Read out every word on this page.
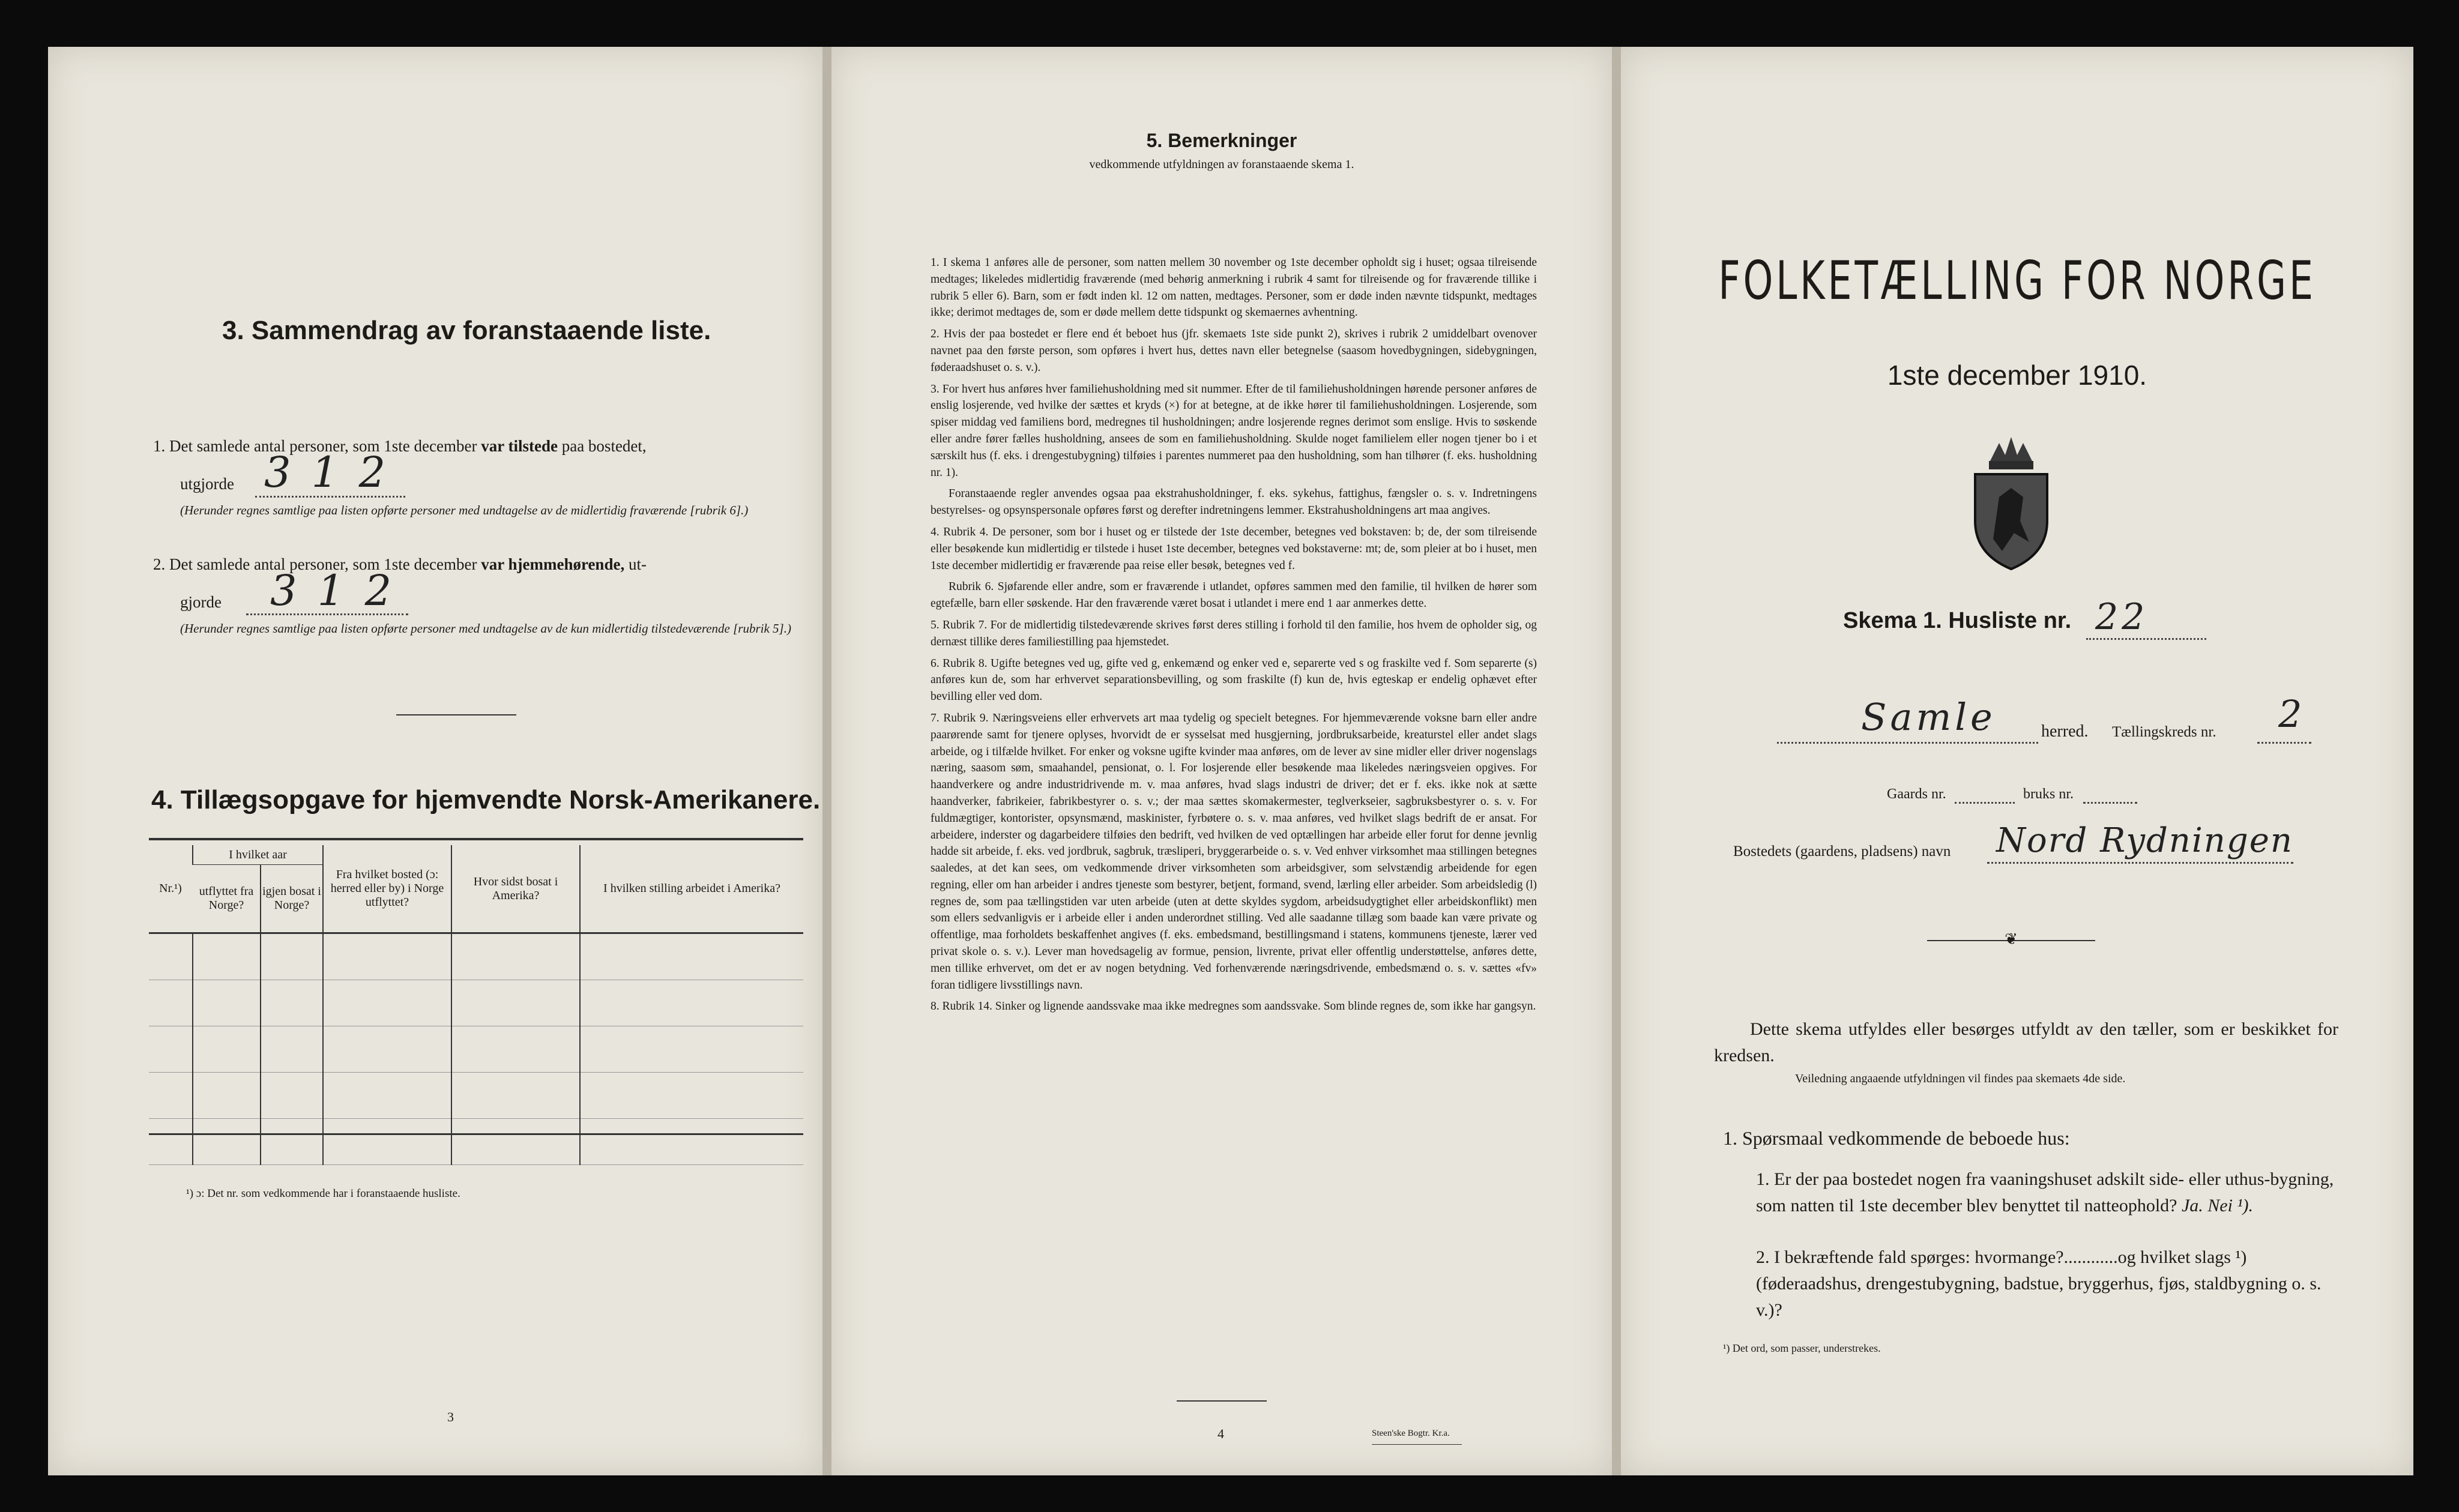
3. Sammendrag av foranstaaende liste.
1. Det samlede antal personer, som 1ste december var tilstede paa bostedet,
utgjorde 3 1 2
(Herunder regnes samtlige paa listen opførte personer med undtagelse av de midlertidig fraværende [rubrik 6].)
2. Det samlede antal personer, som 1ste december var hjemmehørende, ut-
gjorde 3 1 2
(Herunder regnes samtlige paa listen opførte personer med undtagelse av de kun midlertidig tilstedeværende [rubrik 5].)
4. Tillægsopgave for hjemvendte Norsk-Amerikanere.
Nr.¹)	I hvilket aar		Fra hvilket bosted (ɔ: herred eller by) i Norge utflyttet?	Hvor sidst bosat i Amerika?	I hvilken stilling arbeidet i Amerika?
	utflyttet fra Norge?	igjen bosat i Norge?			

¹) ɔ: Det nr. som vedkommende har i foranstaaende husliste.
3
5. Bemerkninger
vedkommende utfyldningen av foranstaaende skema 1.

1. I skema 1 anføres alle de personer, som natten mellem 30 november og 1ste december opholdt sig i huset; ogsaa tilreisende medtages; likeledes midlertidig fraværende (med behørig anmerkning i rubrik 4 samt for tilreisende og for fraværende tillike i rubrik 5 eller 6). Barn, som er født inden kl. 12 om natten, medtages. Personer, som er døde inden nævnte tidspunkt, medtages ikke; derimot medtages de, som er døde mellem dette tidspunkt og skemaernes avhentning.

2. Hvis der paa bostedet er flere end ét beboet hus (jfr. skemaets 1ste side punkt 2), skrives i rubrik 2 umiddelbart ovenover navnet paa den første person, som opføres i hvert hus, dettes navn eller betegnelse (saasom hovedbygningen, sidebygningen, føderaadshuset o. s. v.).

3. For hvert hus anføres hver familiehusholdning med sit nummer. Efter de til familiehusholdningen hørende personer anføres de enslig losjerende, ved hvilke der sættes et kryds (×) for at betegne, at de ikke hører til familiehusholdningen. Losjerende, som spiser middag ved familiens bord, medregnes til husholdningen; andre losjerende regnes derimot som enslige. Hvis to søskende eller andre fører fælles husholdning, ansees de som en familiehusholdning. Skulde noget familielem eller nogen tjener bo i et særskilt hus (f. eks. i drengestubygning) tilføies i parentes nummeret paa den husholdning, som han tilhører (f. eks. husholdning nr. 1).

Foranstaaende regler anvendes ogsaa paa ekstrahusholdninger, f. eks. sykehus, fattighus, fængsler o. s. v. Indretningens bestyrelses- og opsynspersonale opføres først og derefter indretningens lemmer. Ekstrahusholdningens art maa angives.

4. Rubrik 4. De personer, som bor i huset og er tilstede der 1ste december, betegnes ved bokstaven: b; de, der som tilreisende eller besøkende kun midlertidig er tilstede i huset 1ste december, betegnes ved bokstaverne: mt; de, som pleier at bo i huset, men 1ste december midlertidig er fraværende paa reise eller besøk, betegnes ved f.

Rubrik 6. Sjøfarende eller andre, som er fraværende i utlandet, opføres sammen med den familie, til hvilken de hører som egtefælle, barn eller søskende. Har den fraværende været bosat i utlandet i mere end 1 aar anmerkes dette.

5. Rubrik 7. For de midlertidig tilstedeværende skrives først deres stilling i forhold til den familie, hos hvem de opholder sig, og dernæst tillike deres familiestilling paa hjemstedet.

6. Rubrik 8. Ugifte betegnes ved ug, gifte ved g, enkemænd og enker ved e, separerte ved s og fraskilte ved f. Som separerte (s) anføres kun de, som har erhvervet separationsbevilling, og som fraskilte (f) kun de, hvis egteskap er endelig ophævet efter bevilling eller ved dom.

7. Rubrik 9. Næringsveiens eller erhvervets art maa tydelig og specielt betegnes. For hjemmeværende voksne barn eller andre paarørende samt for tjenere oplyses, hvorvidt de er sysselsat med husgjerning, jordbruksarbeide, kreaturstel eller andet slags arbeide, og i tilfælde hvilket. For enker og voksne ugifte kvinder maa anføres, om de lever av sine midler eller driver nogenslags næring, saasom søm, smaahandel, pensionat, o. l. For losjerende eller besøkende maa likeledes næringsveien opgives. For haandverkere og andre industridrivende m. v. maa anføres, hvad slags industri de driver; det er f. eks. ikke nok at sætte haandverker, fabrikeier, fabrikbestyrer o. s. v.; der maa sættes skomakermester, teglverkseier, sagbruksbestyrer o. s. v. For fuldmægtiger, kontorister, opsynsmænd, maskinister, fyrbøtere o. s. v. maa anføres, ved hvilket slags bedrift de er ansat. For arbeidere, inderster og dagarbeidere tilføies den bedrift, ved hvilken de ved optællingen har arbeide eller forut for denne jevnlig hadde sit arbeide, f. eks. ved jordbruk, sagbruk, træsliperi, bryggerarbeide o. s. v. Ved enhver virksomhet maa stillingen betegnes saaledes, at det kan sees, om vedkommende driver virksomheten som arbeidsgiver, som selvstændig arbeidende for egen regning, eller om han arbeider i andres tjeneste som bestyrer, betjent, formand, svend, lærling eller arbeider. Som arbeidsledig (l) regnes de, som paa tællingstiden var uten arbeide (uten at dette skyldes sygdom, arbeidsudygtighet eller arbeidskonflikt) men som ellers sedvanligvis er i arbeide eller i anden underordnet stilling. Ved alle saadanne tillæg som baade kan være private og offentlige, maa forholdets beskaffenhet angives (f. eks. embedsmand, bestillingsmand i statens, kommunens tjeneste, lærer ved privat skole o. s. v.). Lever man hovedsagelig av formue, pension, livrente, privat eller offentlig understøttelse, anføres dette, men tillike erhvervet, om det er av nogen betydning. Ved forhenværende næringsdrivende, embedsmænd o. s. v. sættes «fv» foran tidligere livsstillings navn.

8. Rubrik 14. Sinker og lignende aandssvake maa ikke medregnes som aandssvake. Som blinde regnes de, som ikke har gangsyn.

4	Steen'ske Bogtr. Kr.a.
FOLKETÆLLING FOR NORGE
1ste december 1910.
Skema 1. Husliste nr. 22
Samle	herred. Tællingskreds nr. 2
Gaards nr.	bruks nr.
Bostedets (gaardens, pladsens) navn Nord Rydningen
❦
Dette skema utfyldes eller besørges utfyldt av den tæller, som er beskikket for kredsen.
Veiledning angaaende utfyldningen vil findes paa skemaets 4de side.
1. Spørsmaal vedkommende de beboede hus:
1. Er der paa bostedet nogen fra vaaningshuset adskilt side- eller uthus-bygning, som natten til 1ste december blev benyttet til natteophold? Ja. Nei ¹).
2. I bekræftende fald spørges: hvormange?............og hvilket slags ¹) (føderaadshus, drengestubygning, badstue, bryggerhus, fjøs, staldbygning o. s. v.)?
¹) Det ord, som passer, understrekes.
